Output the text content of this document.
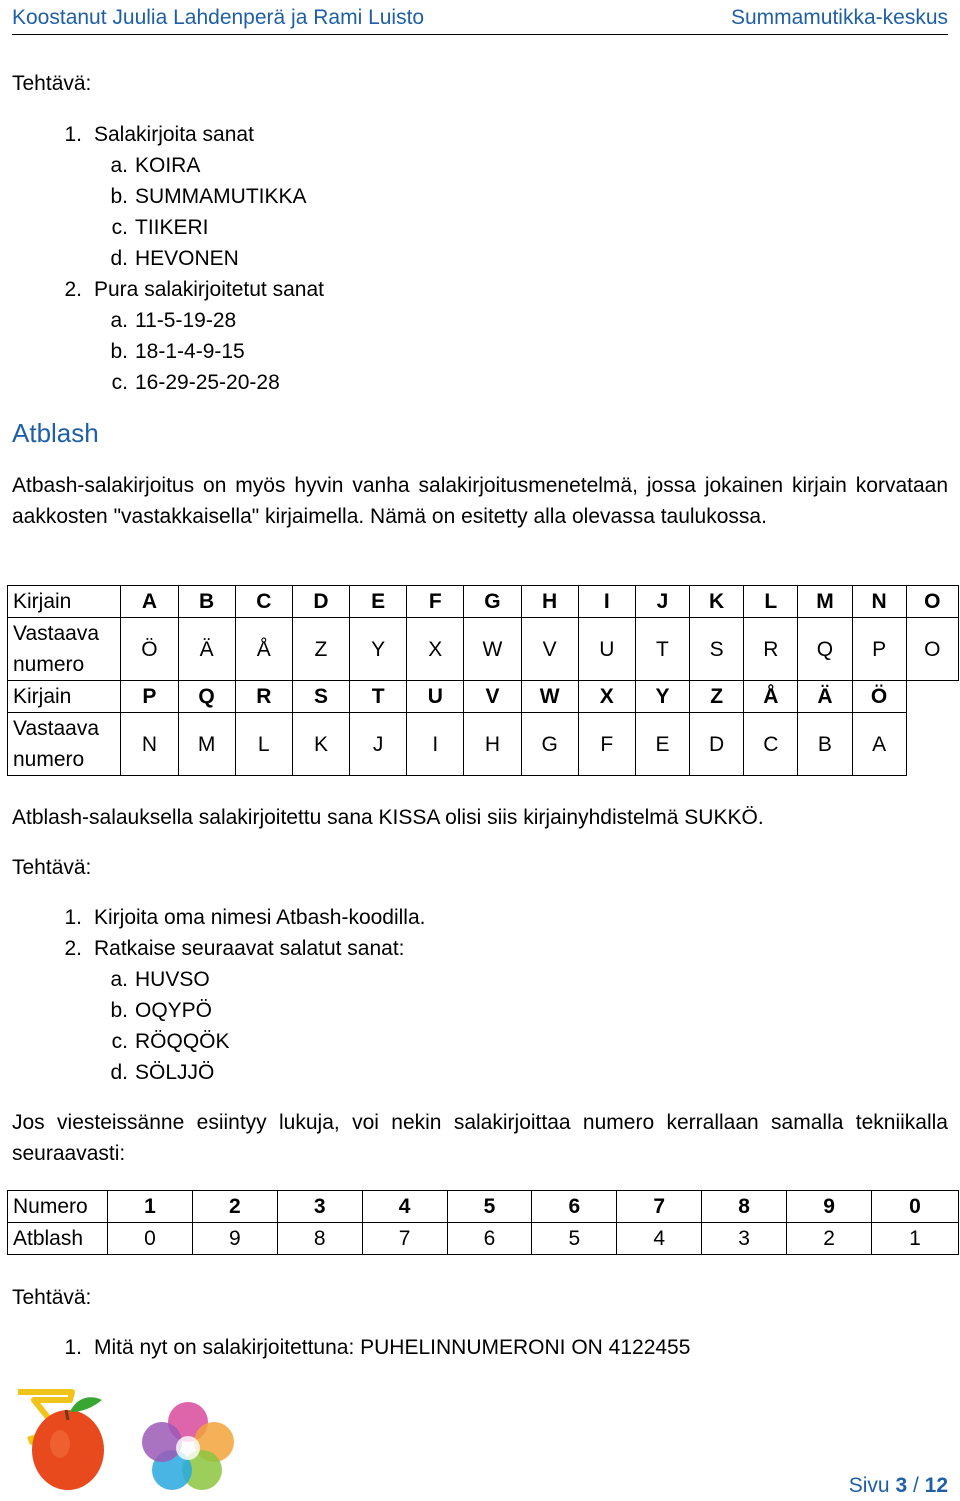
Koostanut Juulia Lahdenperä ja Rami Luisto	Summamutikka-keskus
Tehtävä:
1. Salakirjoita sanat
a. KOIRA
b. SUMMAMUTIKKA
c. TIIKERI
d. HEVONEN
2. Pura salakirjoitetut sanat
a. 11-5-19-28
b. 18-1-4-9-15
c. 16-29-25-20-28
Atblash

Atbash-salakirjoitus on myös hyvin vanha salakirjoitusmenetelmä, jossa jokainen kirjain korvataan aakkosten "vastakkaisella" kirjaimella. Nämä on esitetty alla olevassa taulukossa.

Kirjain	A	B	C	D	E	F	G	H	I	J	K	L	M	N	O
Vastaava
numero	Ö	Ä	Å	Z	Y	X	W	V	U	T	S	R	Q	P	O
Kirjain	P	Q	R	S	T	U	V	W	X	Y	Z	Å	Ä	Ö	
Vastaava
numero	N	M	L	K	J	I	H	G	F	E	D	C	B	A	
Atblash-salauksella salakirjoitettu sana KISSA olisi siis kirjainyhdistelmä SUKKÖ.
Tehtävä:
1. Kirjoita oma nimesi Atbash-koodilla.
2. Ratkaise seuraavat salatut sanat:
a. HUVSO
b. OQYPÖ
c. RÖQQÖK
d. SÖLJJÖ

Jos viesteissänne esiintyy lukuja, voi nekin salakirjoittaa numero kerrallaan samalla tekniikalla seuraavasti:

Numero	1	2	3	4	5	6	7	8	9	0
Atblash	0	9	8	7	6	5	4	3	2	1
Tehtävä:
1. Mitä nyt on salakirjoitettuna: PUHELINNUMERONI ON 4122455
Sivu 3 / 12
